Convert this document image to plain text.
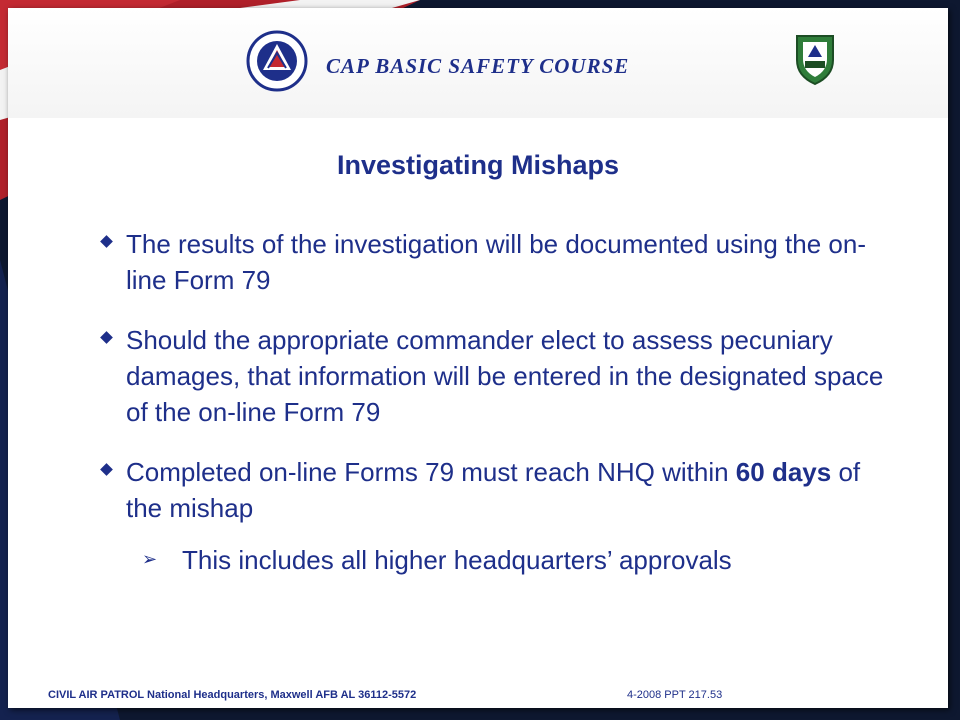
CAP BASIC SAFETY COURSE
Investigating Mishaps
The results of the investigation will be documented using the on-line Form 79
Should the appropriate commander elect to assess pecuniary damages, that information will be entered in the designated space of the on-line Form 79
Completed on-line Forms 79 must reach NHQ within 60 days of the mishap
➢ This includes all higher headquarters’ approvals
CIVIL AIR PATROL National Headquarters, Maxwell AFB AL 36112-5572	4-2008 PPT 217.53
